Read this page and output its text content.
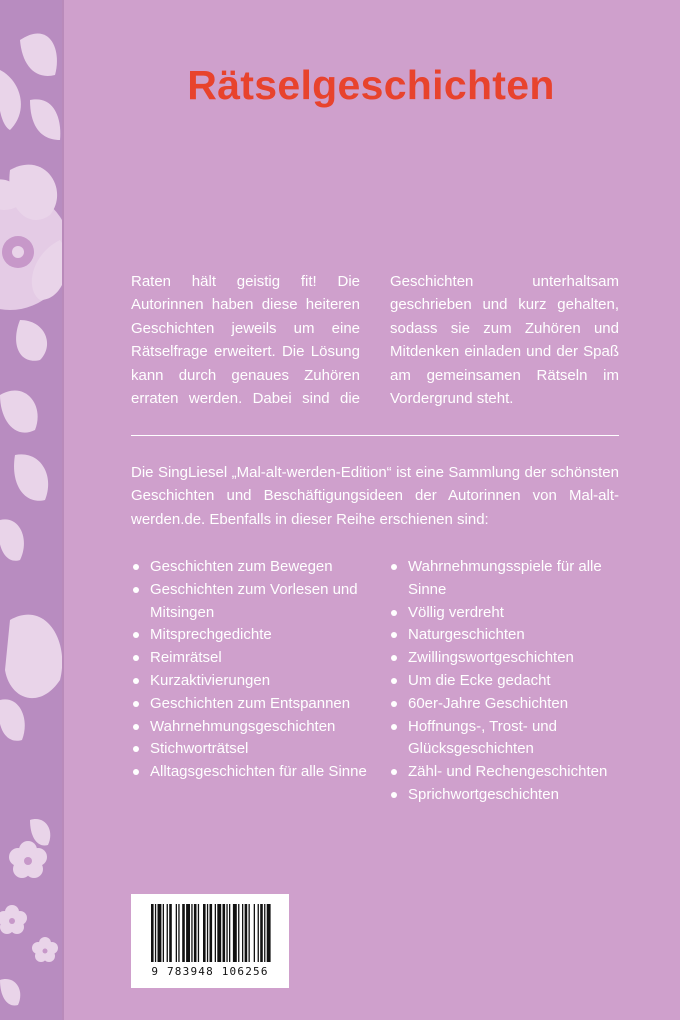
Rätselgeschichten

Raten hält geistig fit! Die Autorinnen haben diese heiteren Geschichten jeweils um eine Rätselfrage erweitert. Die Lösung kann durch genaues Zuhören erraten werden. Dabei sind die Geschichten unterhaltsam geschrieben und kurz gehalten, sodass sie zum Zuhören und Mitdenken einladen und der Spaß am gemeinsamen Rätseln im Vordergrund steht.

Die SingLiesel „Mal-alt-werden-Edition“ ist eine Sammlung der schönsten Geschichten und Beschäftigungsideen der Autorinnen von Mal-alt-werden.de. Ebenfalls in dieser Reihe erschienen sind:

Geschichten zum Bewegen
Geschichten zum Vorlesen und Mitsingen
Mitsprechgedichte
Reimrätsel
Kurzaktivierungen
Geschichten zum Entspannen
Wahrnehmungsgeschichten
Stichworträtsel
Alltagsgeschichten für alle Sinne
Wahrnehmungsspiele für alle Sinne
Völlig verdreht
Naturgeschichten
Zwillingswortgeschichten
Um die Ecke gedacht
60er-Jahre Geschichten
Hoffnungs-, Trost- und Glücksgeschichten
Zähl- und Rechengeschichten
Sprichwortgeschichten
9 783948 106256
